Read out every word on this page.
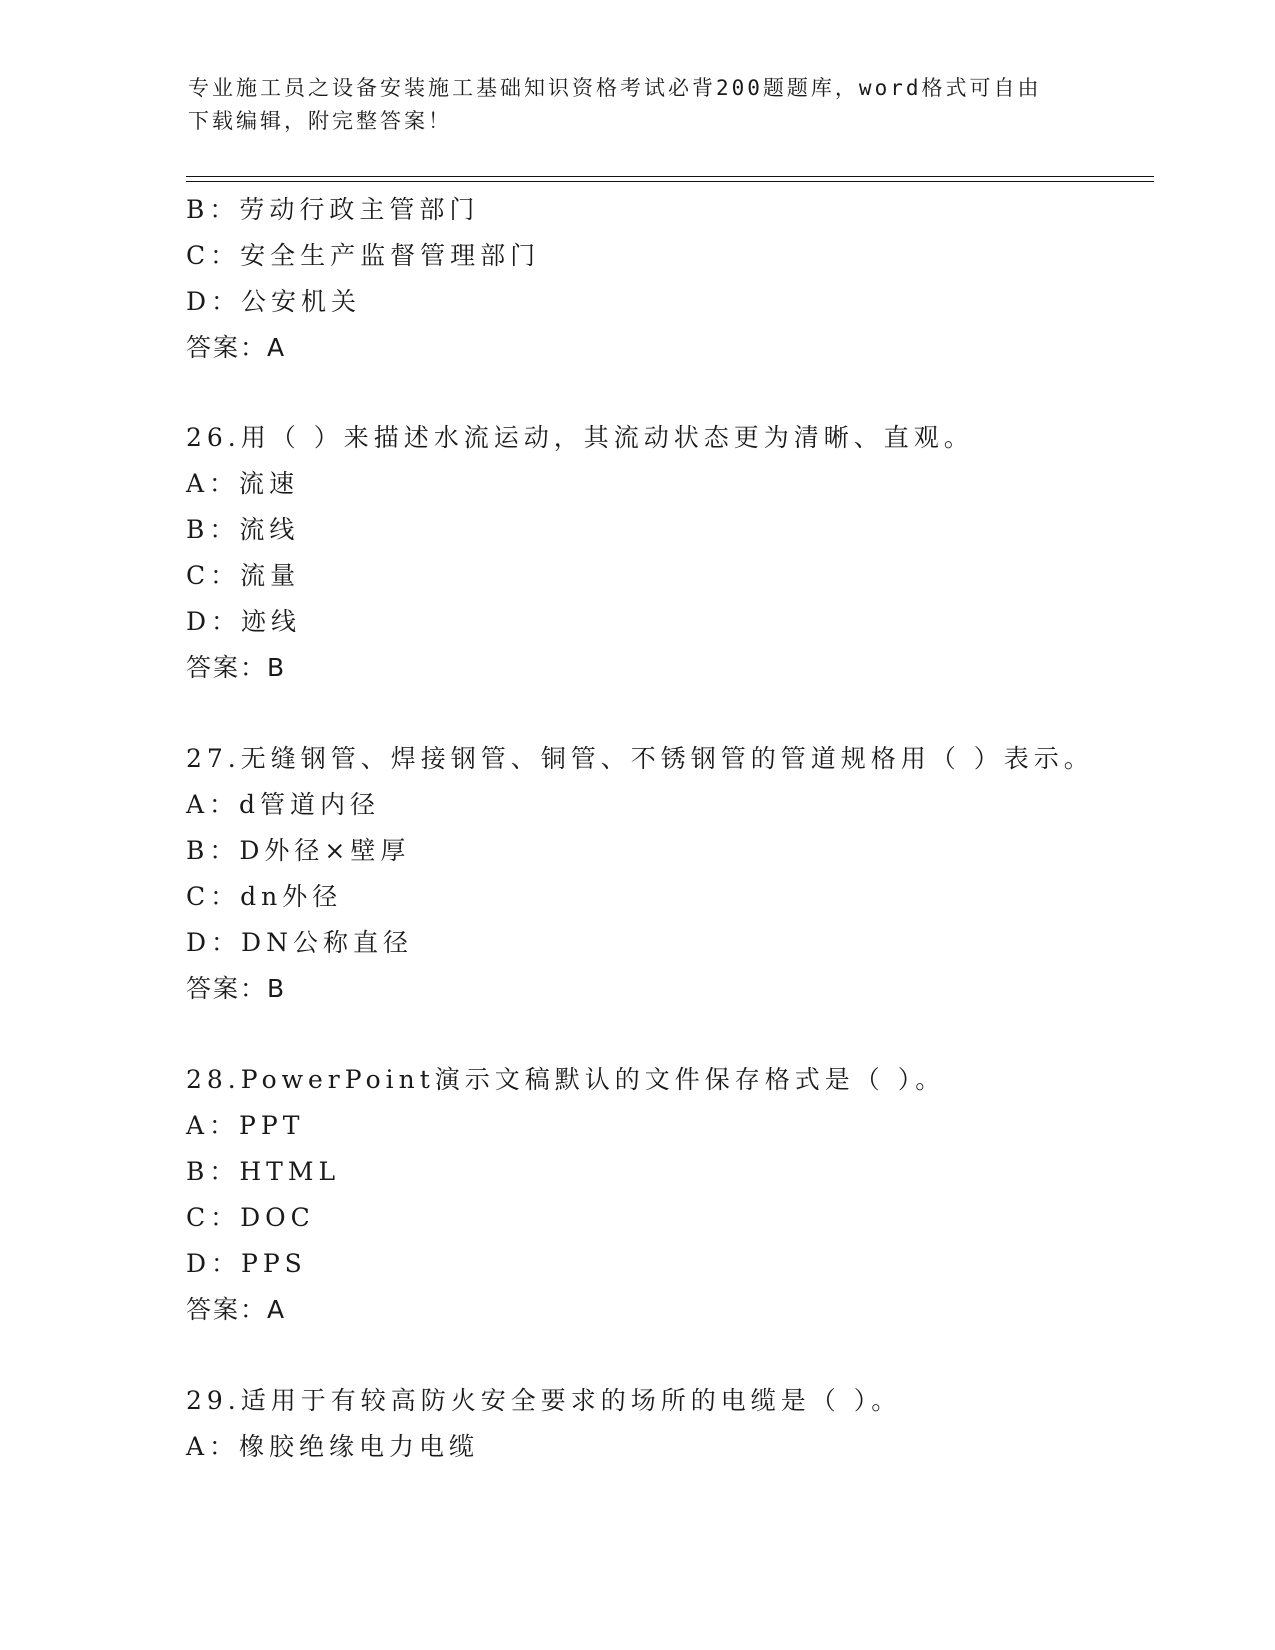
专业施工员之设备安装施工基础知识资格考试必背200题题库，word格式可自由
下载编辑，附完整答案！
B：劳动行政主管部门
C：安全生产监督管理部门
D：公安机关
答案：A
26.用（ ）来描述水流运动，其流动状态更为清晰、直观。
A：流速
B：流线
C：流量
D：迹线
答案：B
27.无缝钢管、焊接钢管、铜管、不锈钢管的管道规格用（ ）表示。
A：d管道内径
B：D外径×壁厚
C：dn外径
D：DN公称直径
答案：B
28.PowerPoint演示文稿默认的文件保存格式是（ ）。
A：PPT
B：HTML
C：DOC
D：PPS
答案：A
29.适用于有较高防火安全要求的场所的电缆是（ ）。
A：橡胶绝缘电力电缆
